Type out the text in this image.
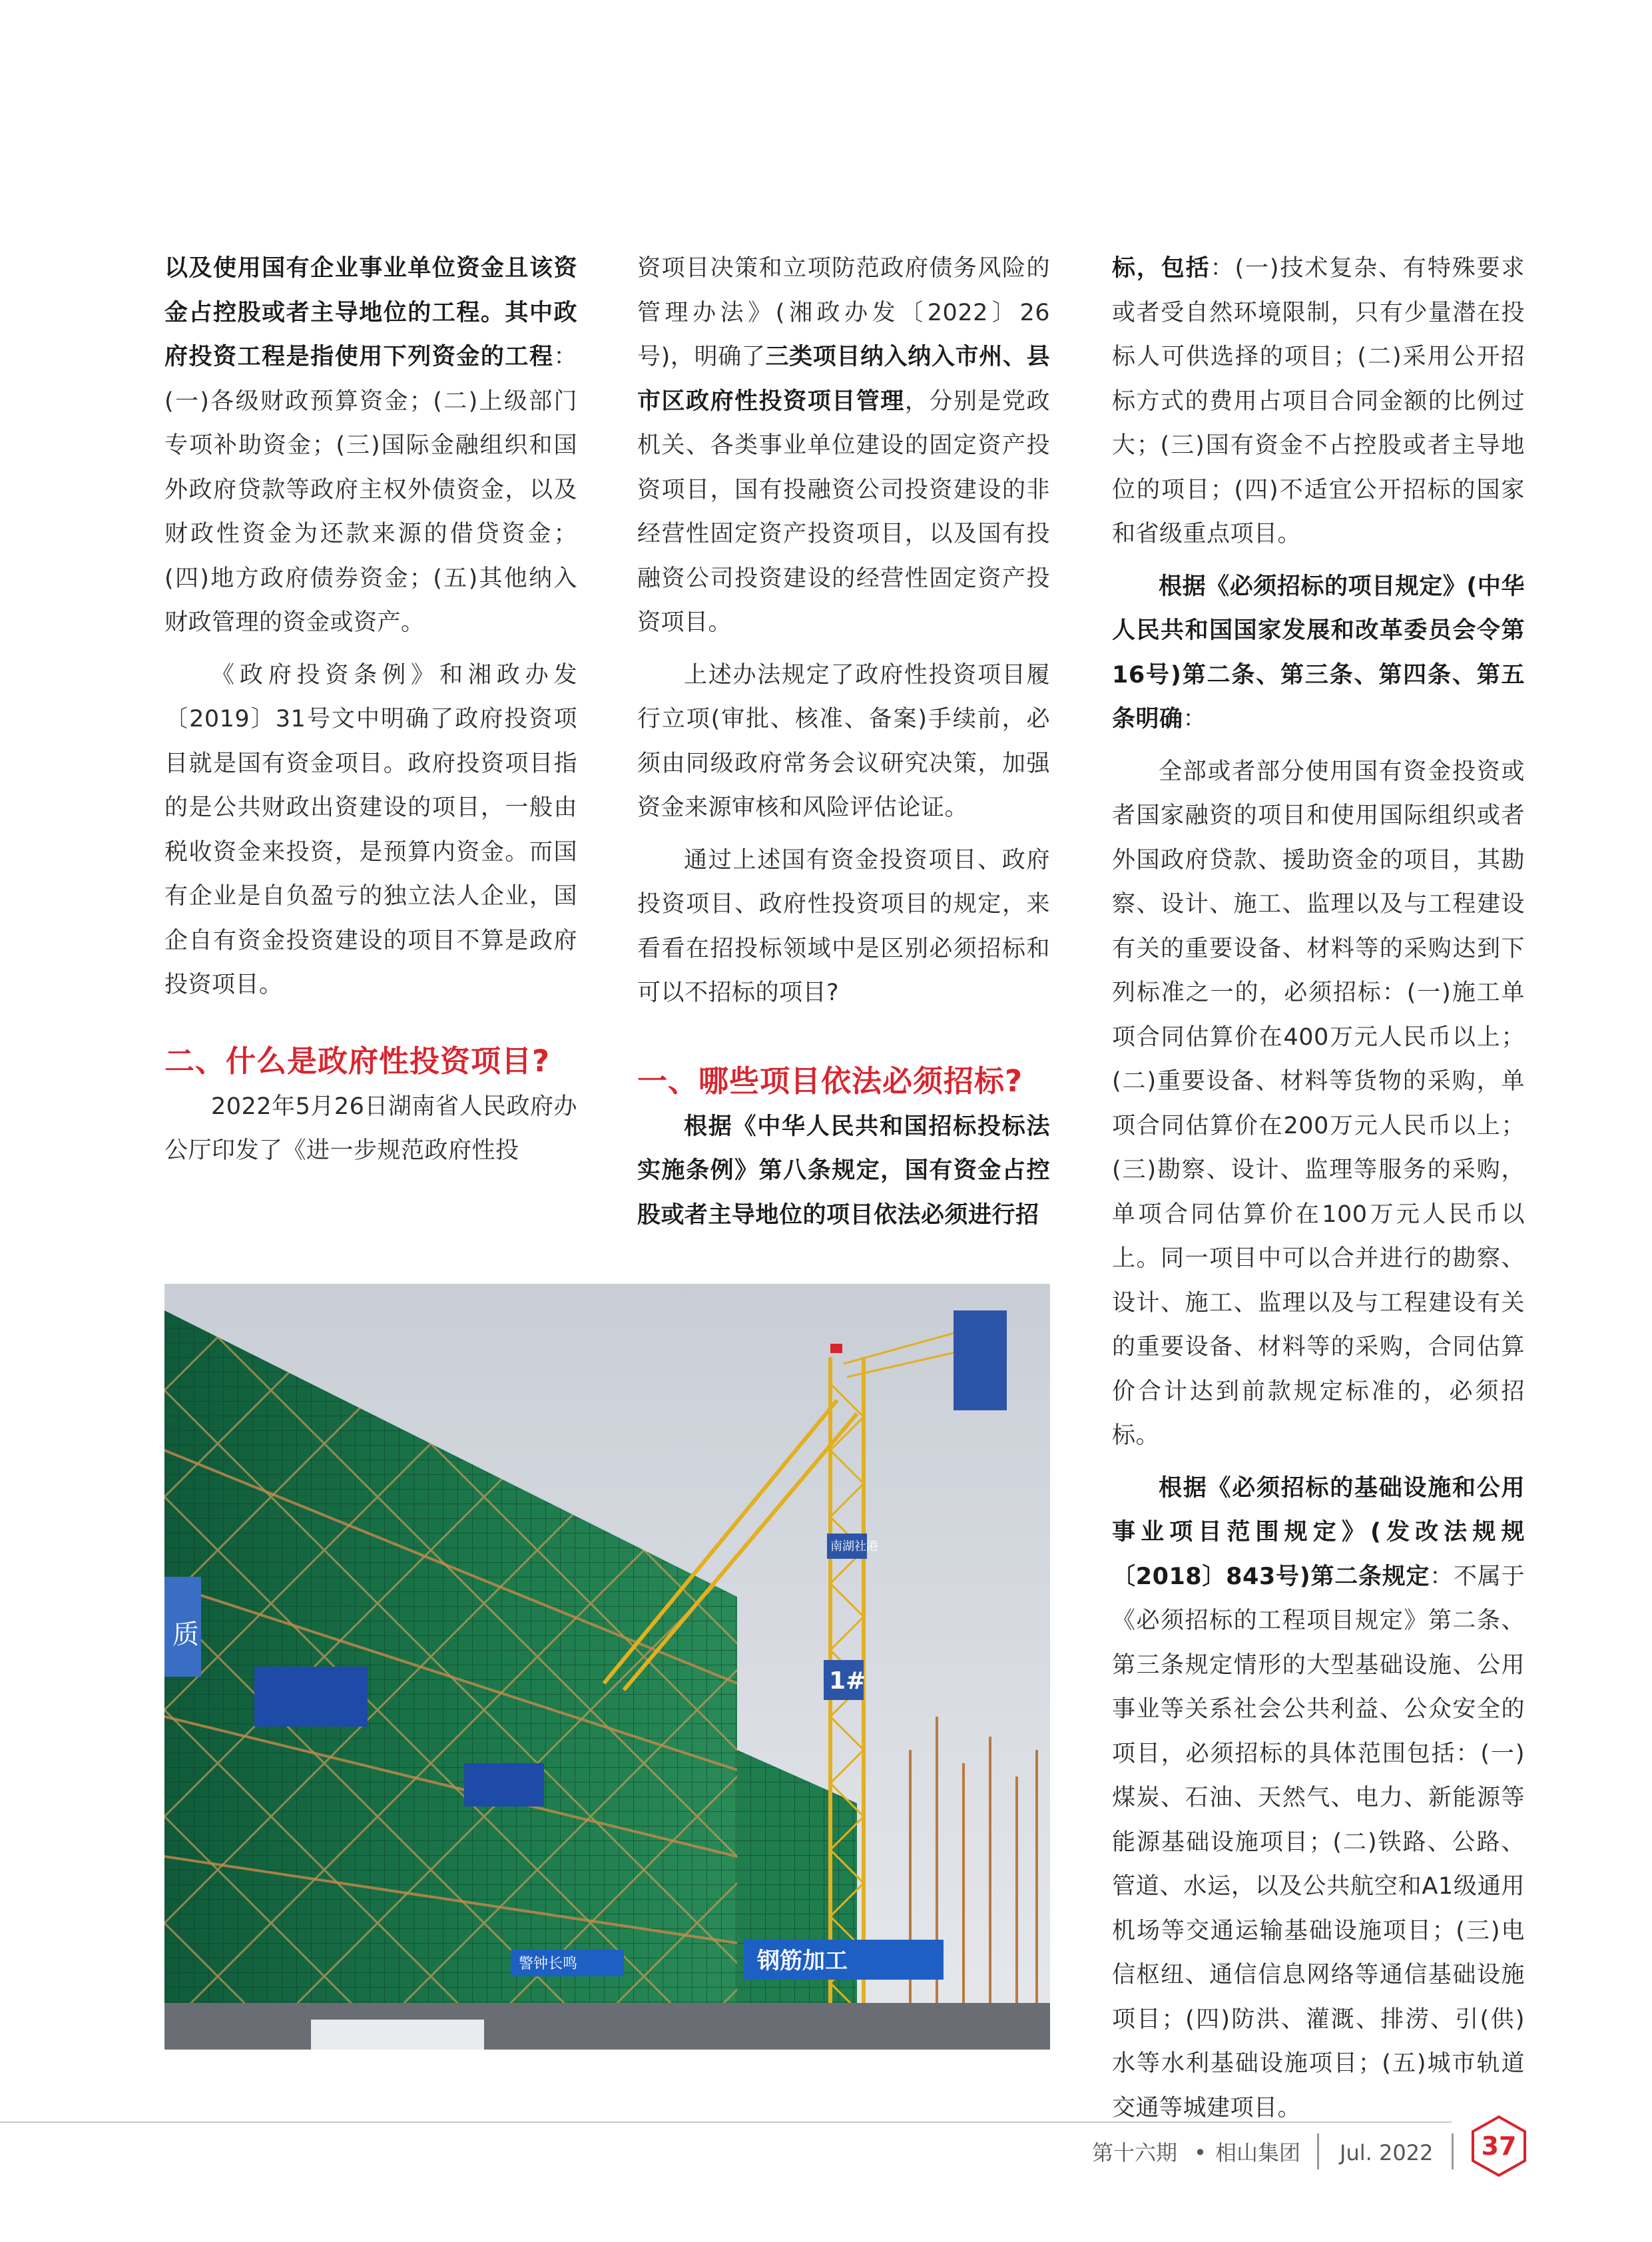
以及使用国有企业事业单位资金且该资金占控股或者主导地位的工程。其中政府投资工程是指使用下列资金的工程：(一)各级财政预算资金；(二)上级部门专项补助资金；(三)国际金融组织和国外政府贷款等政府主权外债资金，以及财政性资金为还款来源的借贷资金；(四)地方政府债券资金；(五)其他纳入财政管理的资金或资产。

《政府投资条例》和湘政办发〔2019〕31号文中明确了政府投资项目就是国有资金项目。政府投资项目指的是公共财政出资建设的项目，一般由税收资金来投资，是预算内资金。而国有企业是自负盈亏的独立法人企业，国企自有资金投资建设的项目不算是政府投资项目。

二、什么是政府性投资项目?

2022年5月26日湖南省人民政府办公厅印发了《进一步规范政府性投

资项目决策和立项防范政府债务风险的管理办法》(湘政办发〔2022〕26号)，明确了三类项目纳入纳入市州、县市区政府性投资项目管理，分别是党政机关、各类事业单位建设的固定资产投资项目，国有投融资公司投资建设的非经营性固定资产投资项目，以及国有投融资公司投资建设的经营性固定资产投资项目。

上述办法规定了政府性投资项目履行立项(审批、核准、备案)手续前，必须由同级政府常务会议研究决策，加强资金来源审核和风险评估论证。

通过上述国有资金投资项目、政府投资项目、政府性投资项目的规定，来看看在招投标领域中是区别必须招标和可以不招标的项目?

一、哪些项目依法必须招标?

根据《中华人民共和国招标投标法实施条例》第八条规定，国有资金占控股或者主导地位的项目依法必须进行招

标，包括：(一)技术复杂、有特殊要求或者受自然环境限制，只有少量潜在投标人可供选择的项目；(二)采用公开招标方式的费用占项目合同金额的比例过大；(三)国有资金不占控股或者主导地位的项目；(四)不适宜公开招标的国家和省级重点项目。

根据《必须招标的项目规定》(中华人民共和国国家发展和改革委员会令第16号)第二条、第三条、第四条、第五条明确：

全部或者部分使用国有资金投资或者国家融资的项目和使用国际组织或者外国政府贷款、援助资金的项目，其勘察、设计、施工、监理以及与工程建设有关的重要设备、材料等的采购达到下列标准之一的，必须招标：(一)施工单项合同估算价在400万元人民币以上；(二)重要设备、材料等货物的采购，单项合同估算价在200万元人民币以上；(三)勘察、设计、监理等服务的采购，单项合同估算价在100万元人民币以上。同一项目中可以合并进行的勘察、设计、施工、监理以及与工程建设有关的重要设备、材料等的采购，合同估算价合计达到前款规定标准的，必须招标。

根据《必须招标的基础设施和公用事业项目范围规定》(发改法规规〔2018〕843号)第二条规定：不属于《必须招标的工程项目规定》第二条、第三条规定情形的大型基础设施、公用事业等关系社会公共利益、公众安全的项目，必须招标的具体范围包括：(一)煤炭、石油、天然气、电力、新能源等能源基础设施项目；(二)铁路、公路、管道、水运，以及公共航空和A1级通用机场等交通运输基础设施项目；(三)电信枢纽、通信信息网络等通信基础设施项目；(四)防洪、灌溉、排涝、引(供)水等水利基础设施项目；(五)城市轨道交通等城建项目。

质
南湖社港
1#
钢筋加工
警钟长鸣
第十六期 • 相山集团 Jul. 2022	37
